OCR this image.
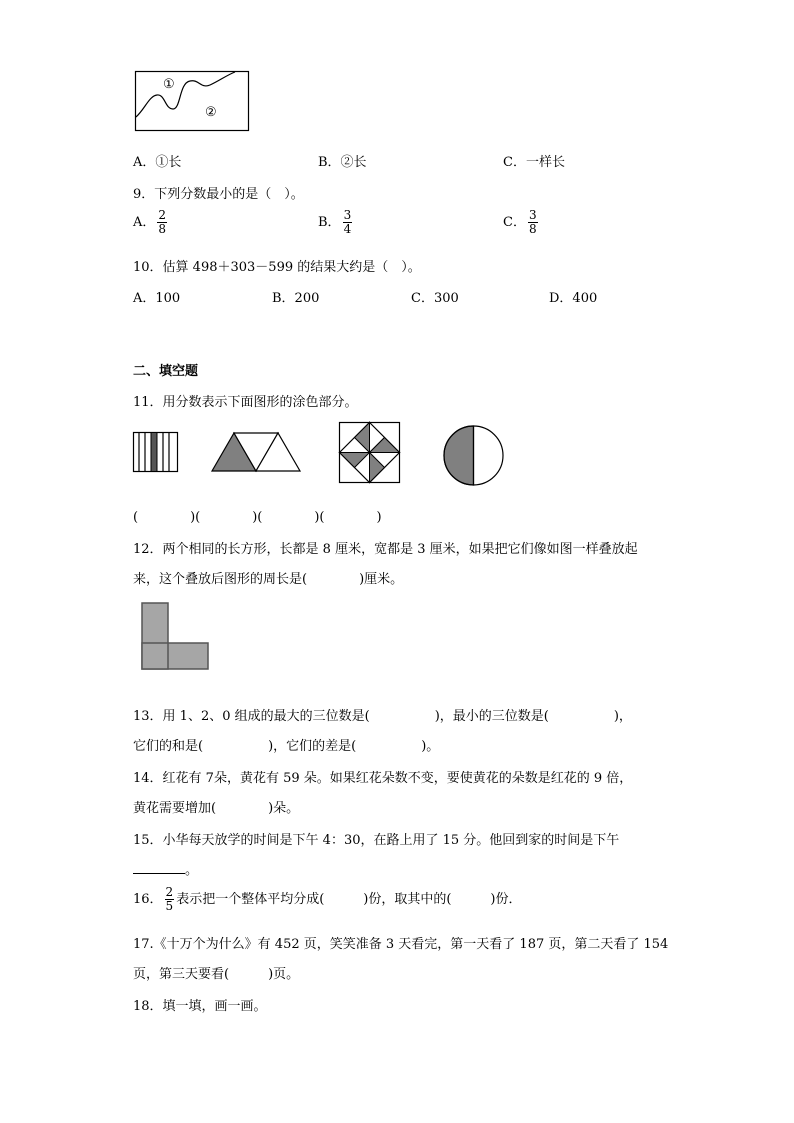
①
②
A．①长	B．②长	C．一样长
9．下列分数最小的是（　）。
A． $\frac{2}{8}$	B． $\frac{3}{4}$	C． $\frac{3}{8}$
10．估算 498＋303－599 的结果大约是（　）。
A．100	B．200	C．300	D．400
二、填空题
11．用分数表示下面图形的涂色部分。
(　　　　)(　　　　)(　　　　)(　　　　)
12．两个相同的长方形，长都是 8 厘米，宽都是 3 厘米，如果把它们像如图一样叠放起
来，这个叠放后图形的周长是(　　　　)厘米。
13．用 1、2、0 组成的最大的三位数是(　　　　　)，最小的三位数是(　　　　　)，
它们的和是(　　　　　)，它们的差是(　　　　　)。
14．红花有 7朵，黄花有 59 朵。如果红花朵数不变，要使黄花的朵数是红花的 9 倍，
黄花需要增加(　　　　)朵。
15．小华每天放学的时间是下午 4：30，在路上用了 15 分。他回到家的时间是下午
。
16． $\frac{2}{5}$ 表示把一个整体平均分成(　　　)份，取其中的(　　　)份．
17.《十万个为什么》有 452 页，笑笑准备 3 天看完，第一天看了 187 页，第二天看了 154
页，第三天要看(　　　)页。
18．填一填，画一画。
